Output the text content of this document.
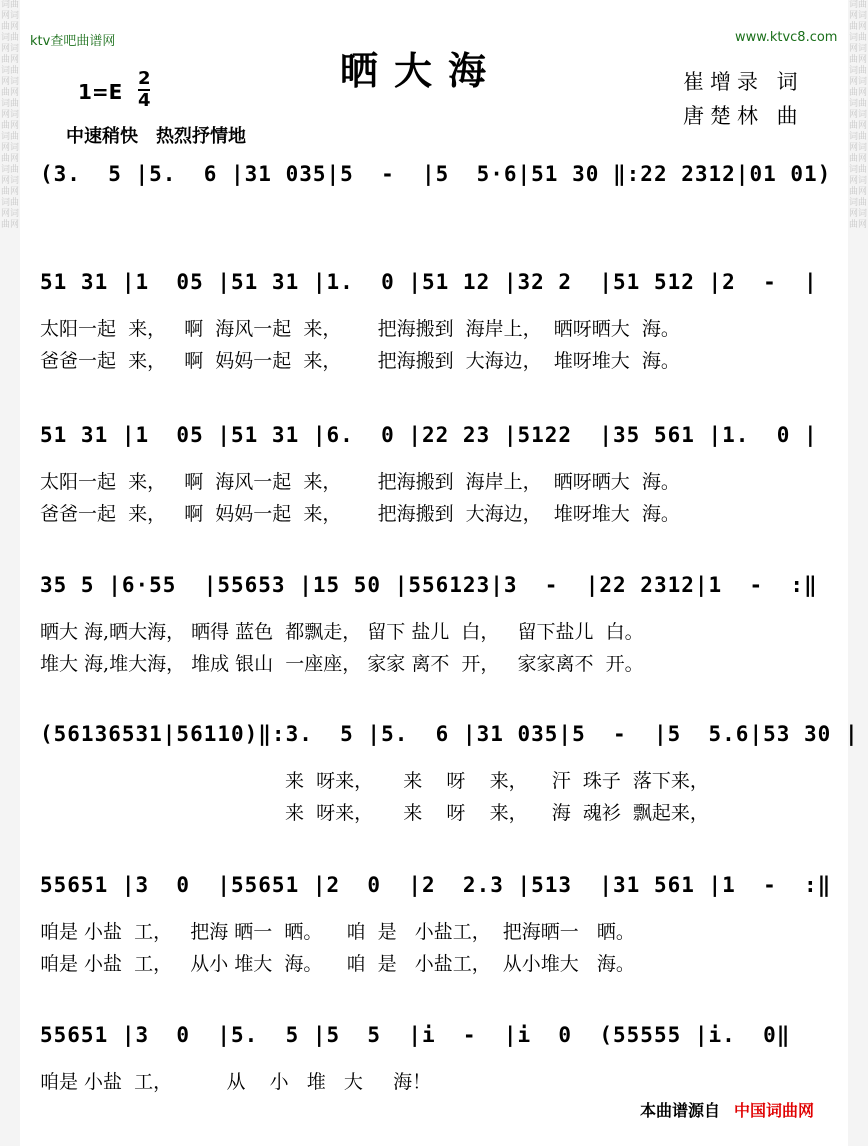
词曲网词曲网词曲网词曲网词曲网词曲网词曲网词曲网词曲网词曲网词曲网词曲网词曲网词曲网
词曲网词曲网词曲网词曲网词曲网词曲网词曲网词曲网词曲网词曲网词曲网词曲网词曲网词曲网
ktv查吧曲谱网	www.ktvc8.com
晒大海
1=E
2
4
中速稍快　热烈抒情地
崔增录 词
唐楚林 曲
(3.  5 |5.  6 |31 035|5  -  |5  5·6|51 30 ‖:22 2312|01 01)
51 31 |1  05 |51 31 |1.  0 |51 12 |32 2  |51 512 |2  -  |
太阳一起  来，   啊  海风一起  来，      把海搬到  海岸上，  晒呀晒大  海。
爸爸一起  来，   啊  妈妈一起  来，      把海搬到  大海边，  堆呀堆大  海。
51 31 |1  05 |51 31 |6.  0 |22 23 |5122  |35 561 |1.  0 |
太阳一起  来，   啊  海风一起  来，      把海搬到  海岸上，  晒呀晒大  海。
爸爸一起  来，   啊  妈妈一起  来，      把海搬到  大海边，  堆呀堆大  海。
35 5 |6·55  |55653 |15 50 |556123|3  -  |22 2312|1  -  :‖
晒大 海,晒大海， 晒得 蓝色  都飘走， 留下 盐儿  白，   留下盐儿  白。
堆大 海,堆大海， 堆成 银山  一座座， 家家 离不  开，   家家离不  开。
(56136531|56110)‖:3.  5 |5.  6 |31 035|5  -  |5  5.6|53 30 |
来  呀来，     来    呀    来，    汗  珠子  落下来，
来  呀来，     来    呀    来，    海  魂衫  飘起来，
55651 |3  0  |55651 |2  0  |2  2.3 |513  |31 561 |1  -  :‖
咱是 小盐  工，   把海 晒一  晒。    咱  是   小盐工，  把海晒一   晒。
咱是 小盐  工，   从小 堆大  海。    咱  是   小盐工，  从小堆大   海。
55651 |3  0  |5.  5 |5  5  |i  -  |i  0  (55555 |i.  0‖
咱是 小盐  工，         从    小   堆   大     海！
本曲谱源自 中国词曲网
